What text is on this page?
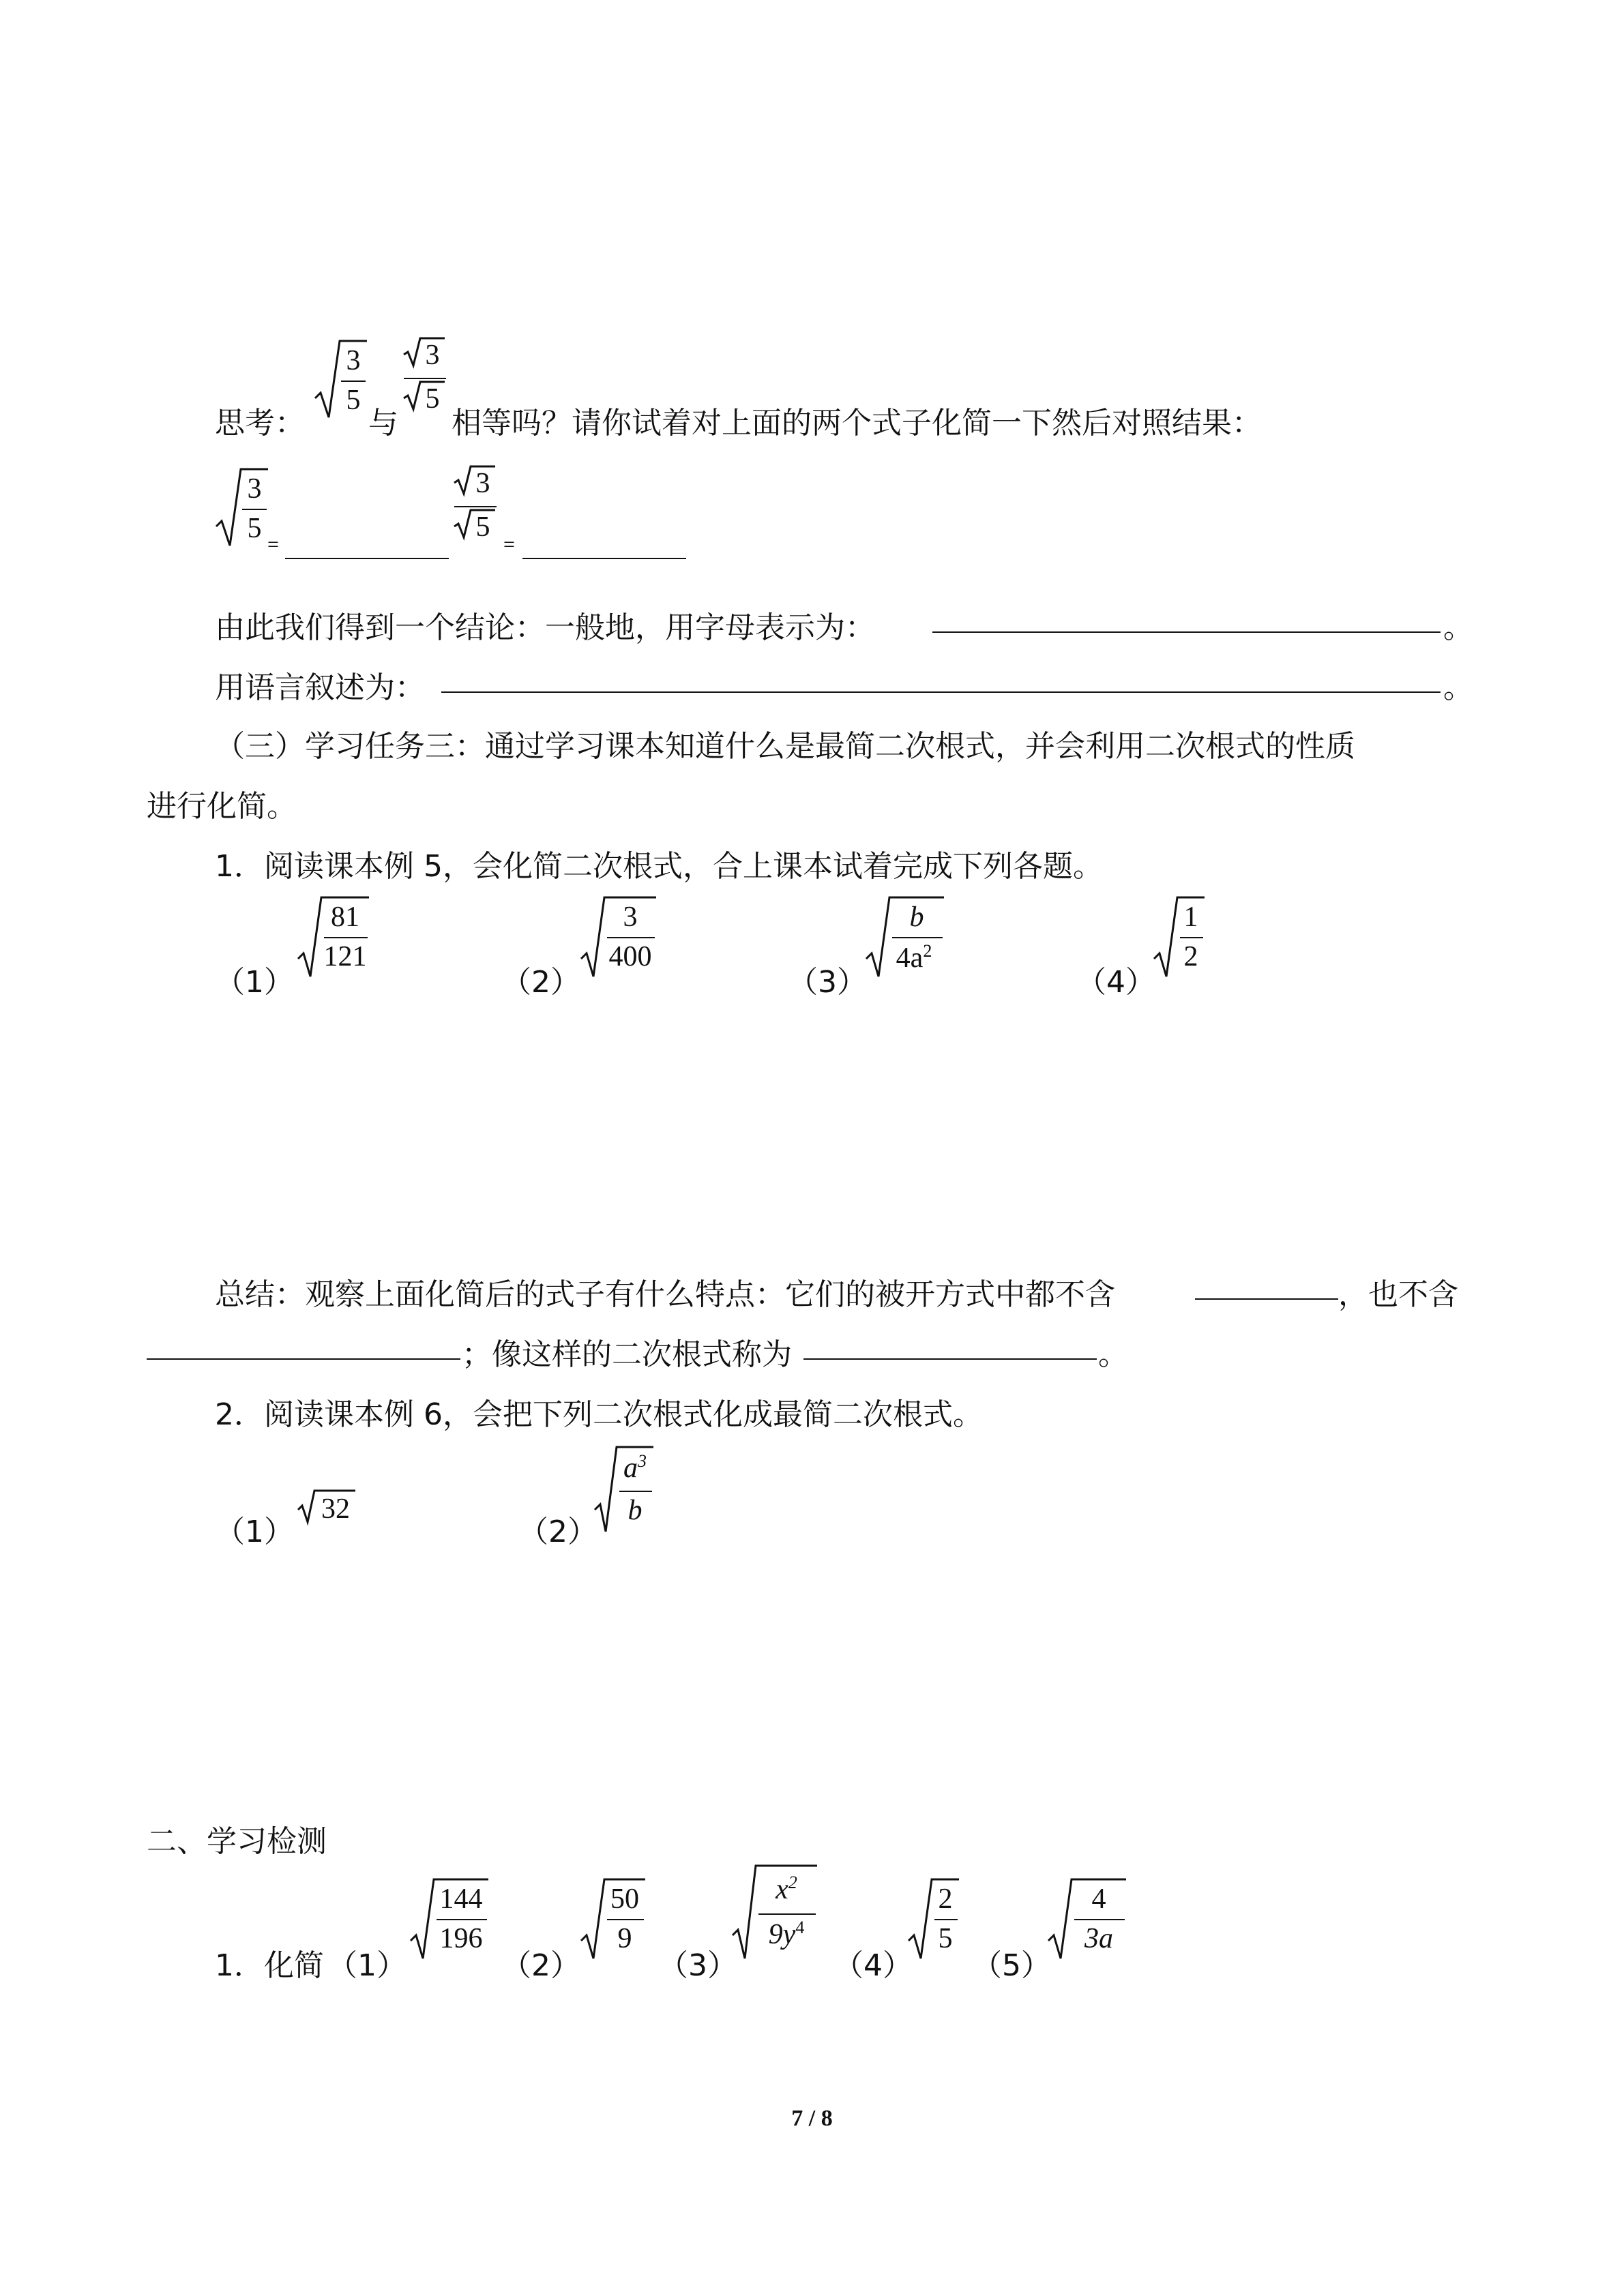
思考：
3
5
与
3
5
相等吗？请你试着对上面的两个式子化简一下然后对照结果：
3
5
=
3
5
=
由此我们得到一个结论：一般地，用字母表示为：	。
用语言叙述为：	。
（三）学习任务三：通过学习课本知道什么是最简二次根式，并会利用二次根式的性质
进行化简。
1．阅读课本例 5，会化简二次根式，合上课本试着完成下列各题。
（1）
81
121
（2）
3
400
（3）
b
$4a^2$
（4）
1
2
总结：观察上面化简后的式子有什么特点：它们的被开方式中都不含	，也不含
；像这样的二次根式称为	。
2．阅读课本例 6，会把下列二次根式化成最简二次根式。
（1）
32
（2）
$a^3$
b
二、学习检测
1．化简 （1）
144
196
（2）
50
9
（3）
$x^2$
$9y^4$
（4）
2
5
（5）
4
3a
7 / 8
